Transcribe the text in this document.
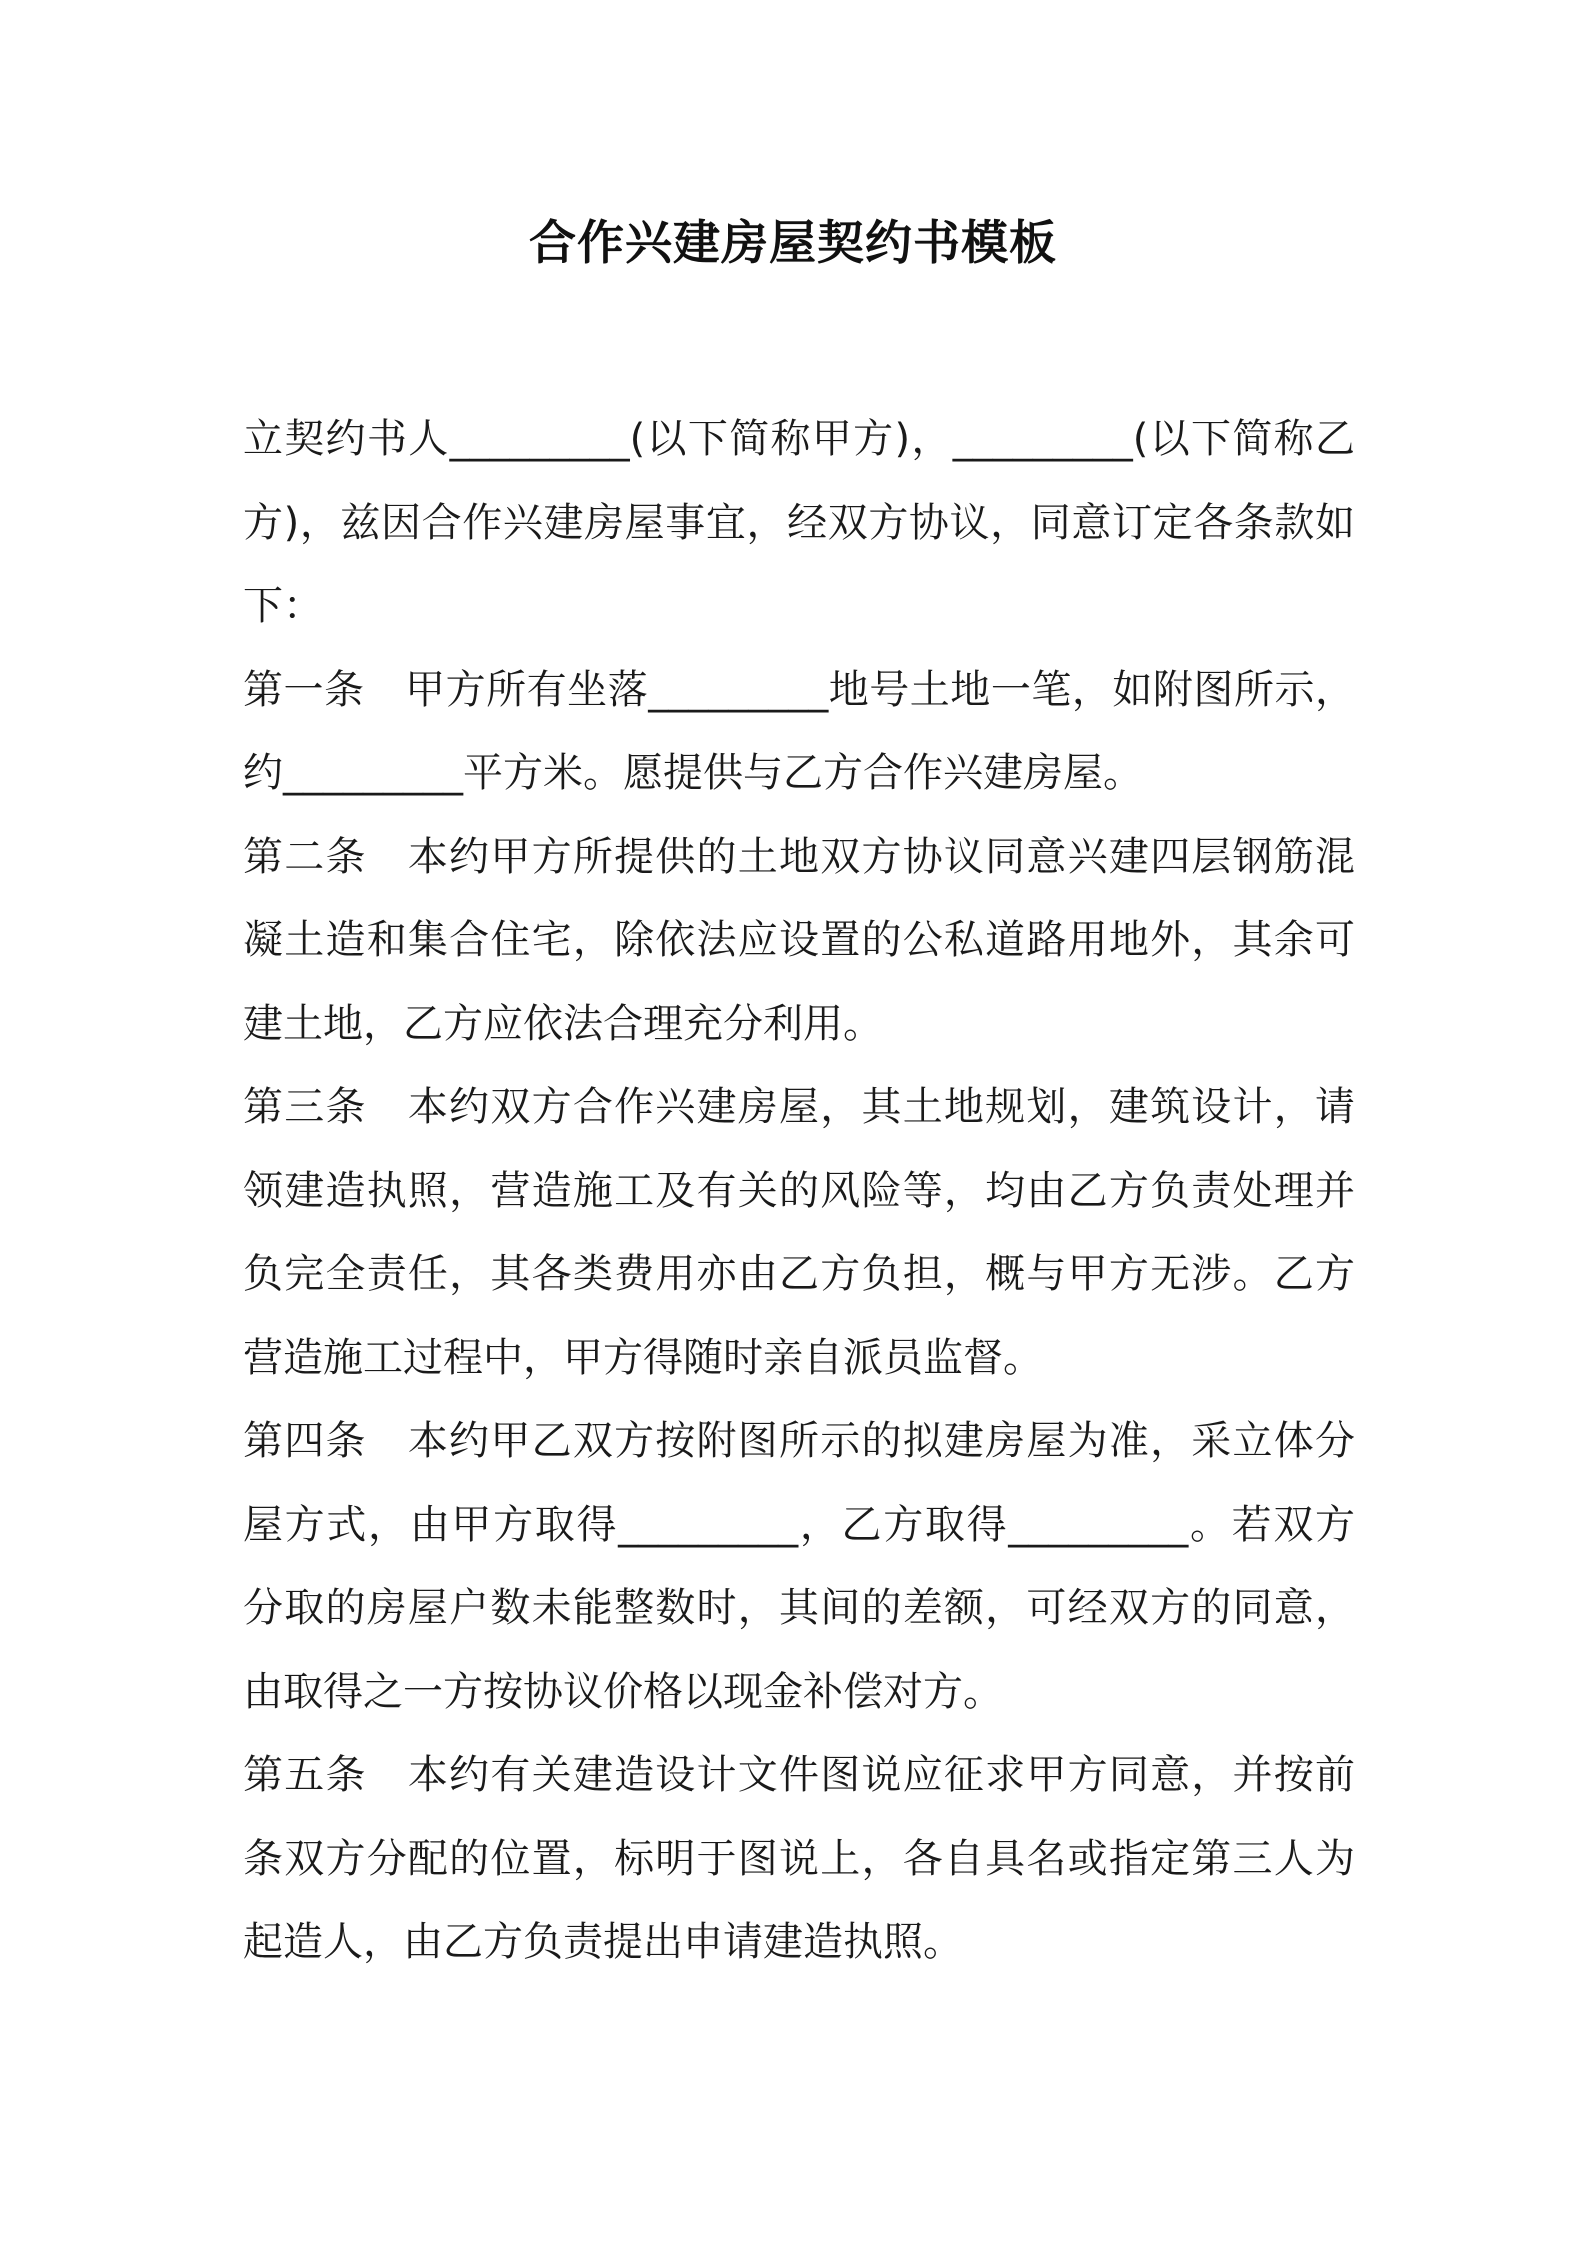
合作兴建房屋契约书模板

立契约书人_________(以下简称甲方)，_________(以下简称乙方)，兹因合作兴建房屋事宜，经双方协议，同意订定各条款如下：

第一条　甲方所有坐落_________地号土地一笔，如附图所示，约_________平方米。愿提供与乙方合作兴建房屋。

第二条　本约甲方所提供的土地双方协议同意兴建四层钢筋混凝土造和集合住宅，除依法应设置的公私道路用地外，其余可建土地，乙方应依法合理充分利用。

第三条　本约双方合作兴建房屋，其土地规划，建筑设计，请领建造执照，营造施工及有关的风险等，均由乙方负责处理并负完全责任，其各类费用亦由乙方负担，概与甲方无涉。乙方营造施工过程中，甲方得随时亲自派员监督。

第四条　本约甲乙双方按附图所示的拟建房屋为准，采立体分屋方式，由甲方取得_________，乙方取得_________。若双方分取的房屋户数未能整数时，其间的差额，可经双方的同意，由取得之一方按协议价格以现金补偿对方。

第五条　本约有关建造设计文件图说应征求甲方同意，并按前条双方分配的位置，标明于图说上，各自具名或指定第三人为起造人，由乙方负责提出申请建造执照。
